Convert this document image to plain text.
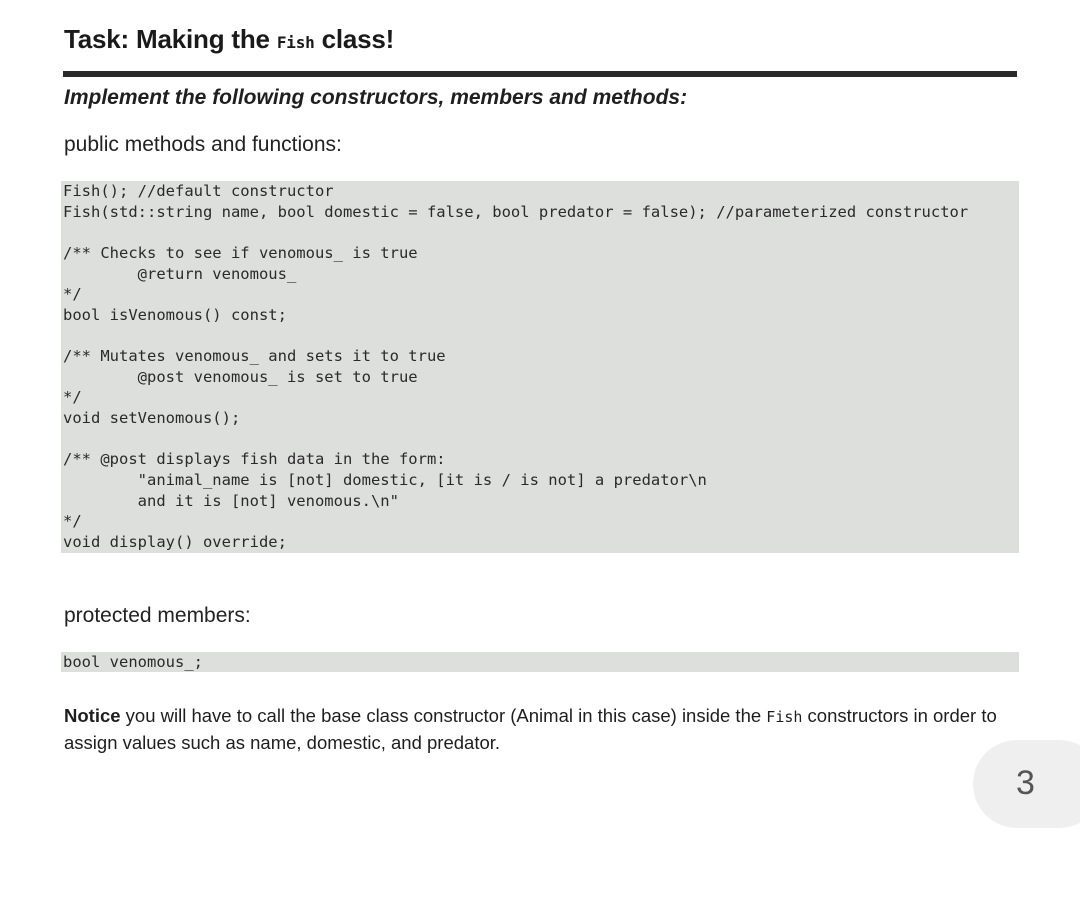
Task: Making the Fish class!
Implement the following constructors, members and methods:

public methods and functions:

Fish(); //default constructor
Fish(std::string name, bool domestic = false, bool predator = false); //parameterized constructor
/** Checks to see if venomous_ is true
@return venomous_
*/
bool isVenomous() const;
/** Mutates venomous_ and sets it to true
@post venomous_ is set to true
*/
void setVenomous();
/** @post displays fish data in the form:
"animal_name is [not] domestic, [it is / is not] a predator\n
and it is [not] venomous.\n"
*/
void display() override;

protected members:

bool venomous_;

Notice you will have to call the base class constructor (Animal in this case) inside the Fish constructors in order to assign values such as name, domestic, and predator.

3
